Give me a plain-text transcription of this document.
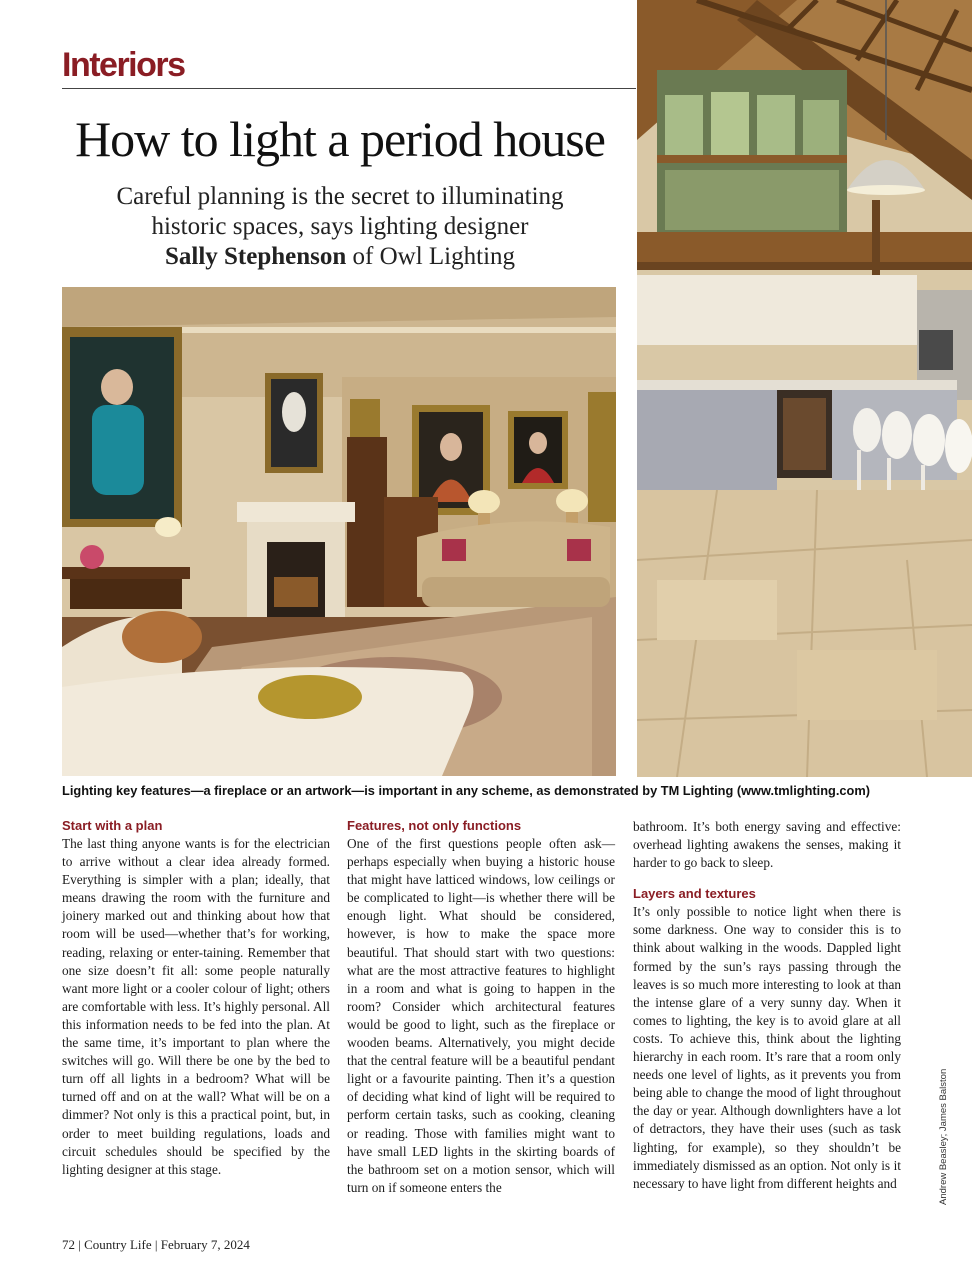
Interiors
How to light a period house

Careful planning is the secret to illuminating
historic spaces, says lighting designer
Sally Stephenson of Owl Lighting

Lighting key features—a fireplace or an artwork—is important in any scheme, as demonstrated by TM Lighting (www.tmlighting.com)
Start with a plan

The last thing anyone wants is for the electrician to arrive without a clear idea already formed. Everything is simpler with a plan; ideally, that means drawing the room with the furniture and joinery marked out and thinking about how that room will be used—whether that’s for working, reading, relaxing or enter-taining. Remember that one size doesn’t fit all: some people naturally want more light or a cooler colour of light; others are comfortable with less. It’s highly personal. All this information needs to be fed into the plan. At the same time, it’s important to plan where the switches will go. Will there be one by the bed to turn off all lights in a bedroom? What will be turned off and on at the wall? What will be on a dimmer? Not only is this a practical point, but, in order to meet building regulations, loads and circuit schedules should be specified by the lighting designer at this stage.

Features, not only functions

One of the first questions people often ask—perhaps especially when buying a historic house that might have latticed windows, low ceilings or be complicated to light—is whether there will be enough light. What should be considered, however, is how to make the space more beautiful. That should start with two questions: what are the most attractive features to highlight in a room and what is going to happen in the room? Consider which architectural features would be good to light, such as the fireplace or wooden beams. Alternatively, you might decide that the central feature will be a beautiful pendant light or a favourite painting. Then it’s a question of deciding what kind of light will be required to perform certain tasks, such as cooking, cleaning or reading. Those with families might want to have small LED lights in the skirting boards of the bathroom set on a motion sensor, which will turn on if someone enters the

bathroom. It’s both energy saving and effective: overhead lighting awakens the senses, making it harder to go back to sleep.

Layers and textures

It’s only possible to notice light when there is some darkness. One way to consider this is to think about walking in the woods. Dappled light formed by the sun’s rays passing through the leaves is so much more interesting to look at than the intense glare of a very sunny day. When it comes to lighting, the key is to avoid glare at all costs. To achieve this, think about the lighting hierarchy in each room. It’s rare that a room only needs one level of lights, as it prevents you from being able to change the mood of light throughout the day or year. Although downlighters have a lot of detractors, they have their uses (such as task lighting, for example), so they shouldn’t be immediately dismissed as an option. Not only is it necessary to have light from different heights and	Andrew Beasley; James Balston
72 | Country Life | February 7, 2024
